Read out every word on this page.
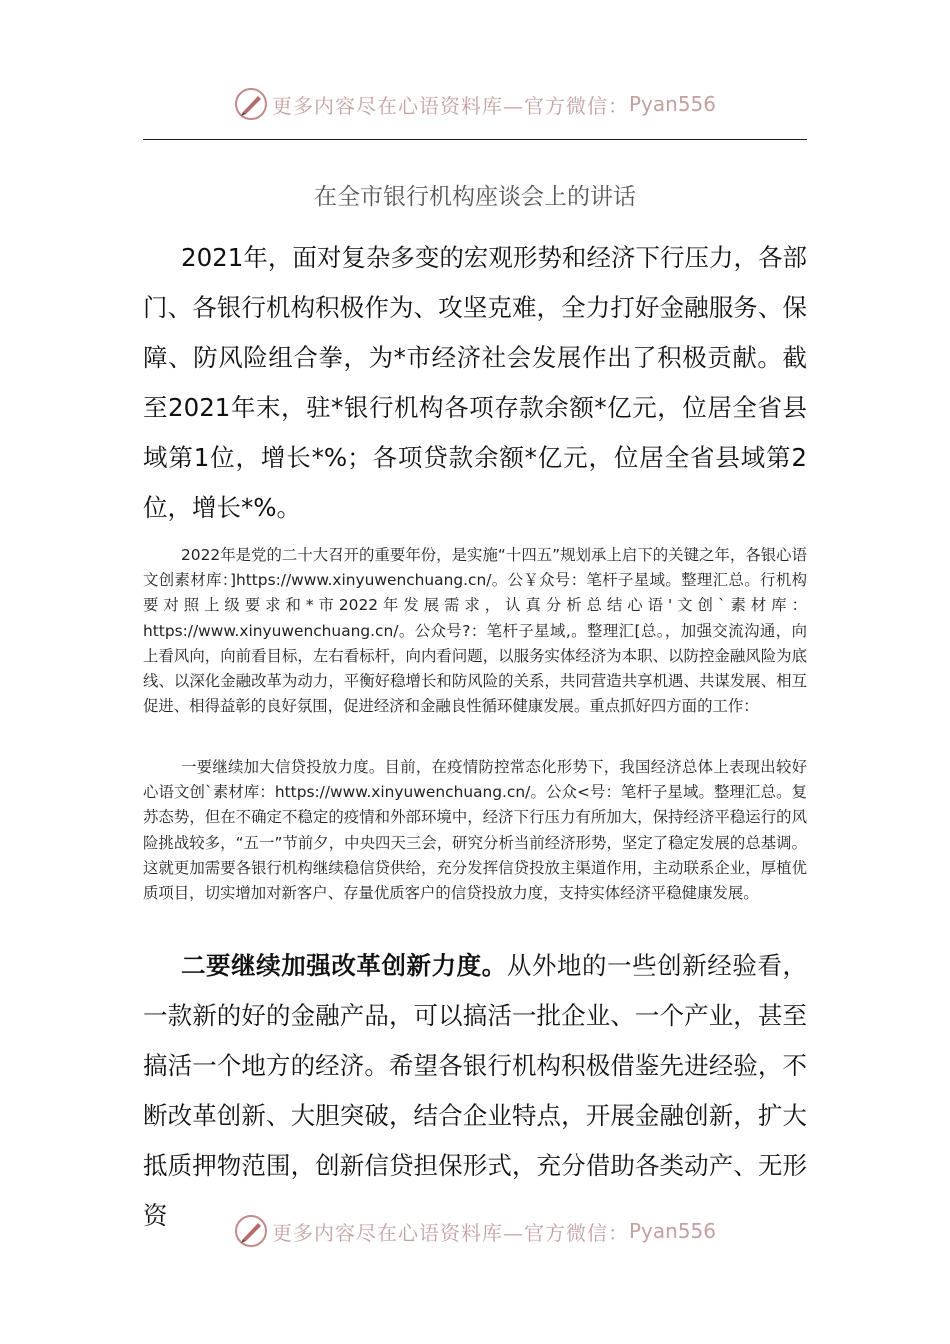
更多内容尽在心语资料库—官方微信： Pyan556
在全市银行机构座谈会上的讲话

2021年，面对复杂多变的宏观形势和经济下行压力，各部门、各银行机构积极作为、攻坚克难，全力打好金融服务、保障、防风险组合拳，为*市经济社会发展作出了积极贡献。截至2021年末，驻*银行机构各项存款余额*亿元，位居全省县域第1位，增长*%；各项贷款余额*亿元，位居全省县域第2位，增长*%。

2022年是党的二十大召开的重要年份，是实施“十四五”规划承上启下的关键之年，各银心语文创素材库：]https://www.xinyuwenchuang.cn/。公￥众号：笔杆子星域。整理汇总。行机构要对照上级要求和*市2022年发展需求，认真分析总结心语'文创`素材库：https://www.xinyuwenchuang.cn/。公众号?：笔杆子星域,。整理汇[总。，加强交流沟通，向上看风向，向前看目标，左右看标杆，向内看问题，以服务实体经济为本职、以防控金融风险为底线、以深化金融改革为动力，平衡好稳增长和防风险的关系，共同营造共享机遇、共谋发展、相互促进、相得益彰的良好氛围，促进经济和金融良性循环健康发展。重点抓好四方面的工作：

一要继续加大信贷投放力度。目前，在疫情防控常态化形势下，我国经济总体上表现出较好心语文创`素材库：https://www.xinyuwenchuang.cn/。公众<号：笔杆子星域。整理汇总。复苏态势，但在不确定不稳定的疫情和外部环境中，经济下行压力有所加大，保持经济平稳运行的风险挑战较多，“五一”节前夕，中央四天三会，研究分析当前经济形势，坚定了稳定发展的总基调。这就更加需要各银行机构继续稳信贷供给，充分发挥信贷投放主渠道作用，主动联系企业，厚植优质项目，切实增加对新客户、存量优质客户的信贷投放力度，支持实体经济平稳健康发展。

二要继续加强改革创新力度。从外地的一些创新经验看，一款新的好的金融产品，可以搞活一批企业、一个产业，甚至搞活一个地方的经济。希望各银行机构积极借鉴先进经验，不断改革创新、大胆突破，结合企业特点，开展金融创新，扩大抵质押物范围，创新信贷担保形式，充分借助各类动产、无形资

更多内容尽在心语资料库—官方微信： Pyan556
